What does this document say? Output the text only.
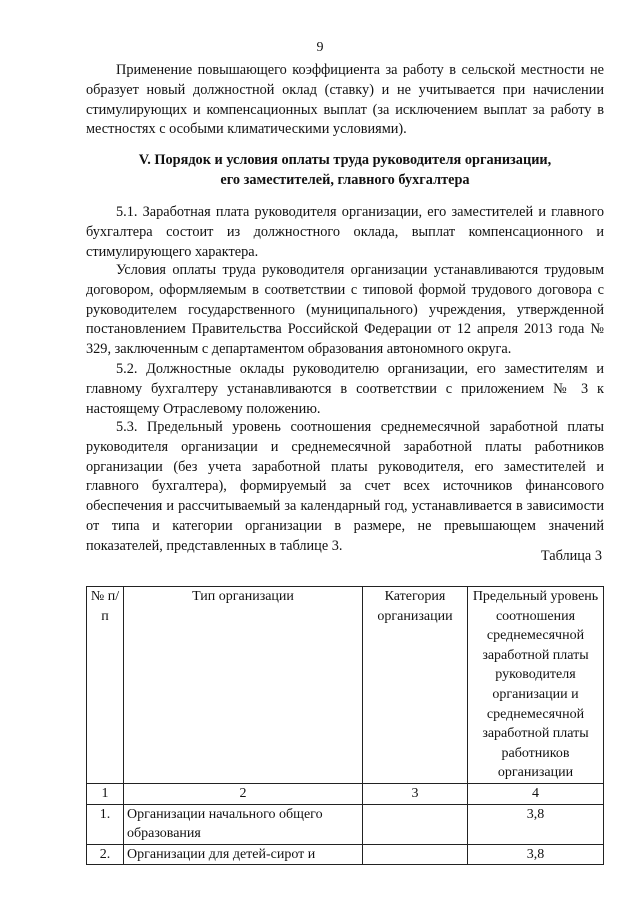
9
Применение повышающего коэффициента за работу в сельской местности не образует новый должностной оклад (ставку) и не учитывается при начислении стимулирующих и компенсационных выплат (за исключением выплат за работу в местностях с особыми климатическими условиями).
V. Порядок и условия оплаты труда руководителя организации,
его заместителей, главного бухгалтера
5.1. Заработная плата руководителя организации, его заместителей и главного бухгалтера состоит из должностного оклада, выплат компенсационного и стимулирующего характера.
Условия оплаты труда руководителя организации устанавливаются трудовым договором, оформляемым в соответствии с типовой формой трудового договора с руководителем государственного (муниципального) учреждения, утвержденной постановлением Правительства Российской Федерации от 12 апреля 2013 года № 329, заключенным с департаментом образования автономного округа.
5.2. Должностные оклады руководителю организации, его заместителям и главному бухгалтеру устанавливаются в соответствии с приложением № 3 к настоящему Отраслевому положению.
5.3. Предельный уровень соотношения среднемесячной заработной платы руководителя организации и среднемесячной заработной платы работников организации (без учета заработной платы руководителя, его заместителей и главного бухгалтера), формируемый за счет всех источников финансового обеспечения и рассчитываемый за календарный год, устанавливается в зависимости от типа и категории организации в размере, не превышающем значений показателей, представленных в таблице 3.
Таблица 3
№ п/п	Тип организации	Категория организации	Предельный уровень соотношения среднемесячной заработной платы руководителя организации и среднемесячной заработной платы работников организации
1	2	3	4
1.	Организации начального общего образования		3,8
2.	Организации для детей-сирот и		3,8
